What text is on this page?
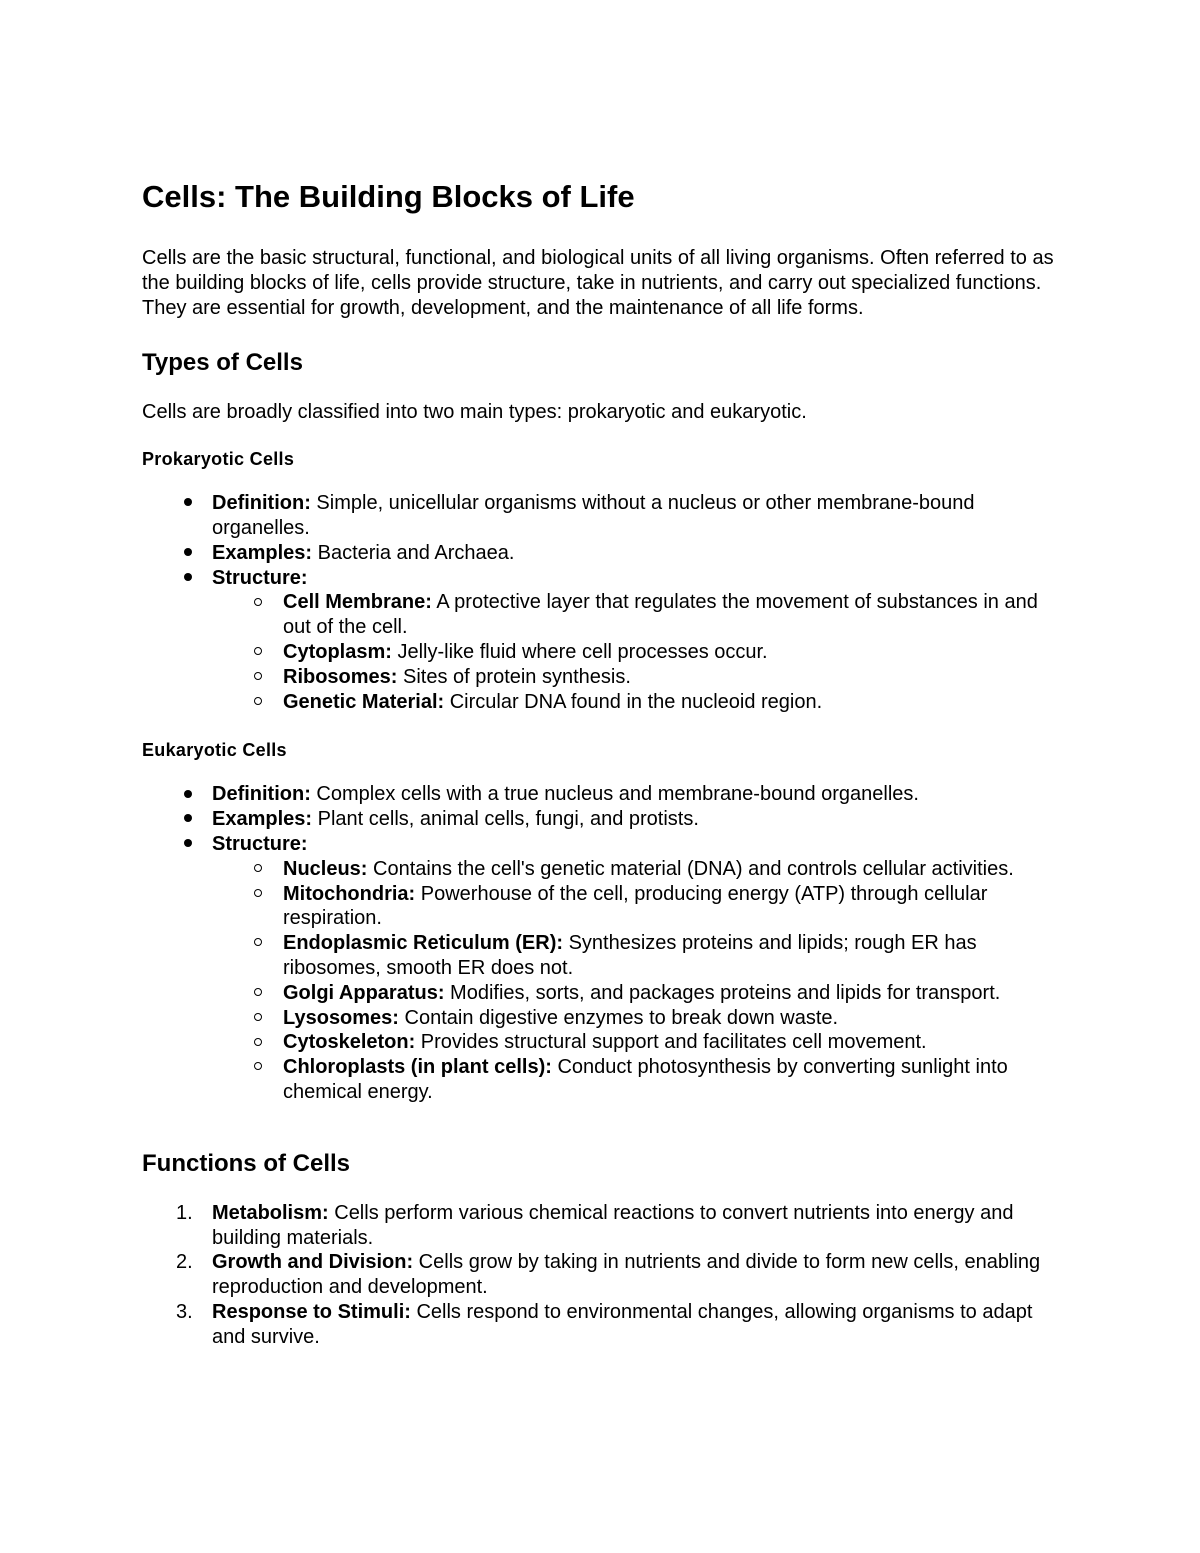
Cells: The Building Blocks of Life

Cells are the basic structural, functional, and biological units of all living organisms. Often referred to as the building blocks of life, cells provide structure, take in nutrients, and carry out specialized functions. They are essential for growth, development, and the maintenance of all life forms.

Types of Cells

Cells are broadly classified into two main types: prokaryotic and eukaryotic.

Prokaryotic Cells
Definition: Simple, unicellular organisms without a nucleus or other membrane-bound organelles.
Examples: Bacteria and Archaea.
Structure:
Cell Membrane: A protective layer that regulates the movement of substances in and out of the cell.
Cytoplasm: Jelly-like fluid where cell processes occur.
Ribosomes: Sites of protein synthesis.
Genetic Material: Circular DNA found in the nucleoid region.
Eukaryotic Cells
Definition: Complex cells with a true nucleus and membrane-bound organelles.
Examples: Plant cells, animal cells, fungi, and protists.
Structure:
Nucleus: Contains the cell's genetic material (DNA) and controls cellular activities.
Mitochondria: Powerhouse of the cell, producing energy (ATP) through cellular respiration.
Endoplasmic Reticulum (ER): Synthesizes proteins and lipids; rough ER has ribosomes, smooth ER does not.
Golgi Apparatus: Modifies, sorts, and packages proteins and lipids for transport.
Lysosomes: Contain digestive enzymes to break down waste.
Cytoskeleton: Provides structural support and facilitates cell movement.
Chloroplasts (in plant cells): Conduct photosynthesis by converting sunlight into chemical energy.
Functions of Cells
1. Metabolism: Cells perform various chemical reactions to convert nutrients into energy and building materials.
2. Growth and Division: Cells grow by taking in nutrients and divide to form new cells, enabling reproduction and development.
3. Response to Stimuli: Cells respond to environmental changes, allowing organisms to adapt and survive.
